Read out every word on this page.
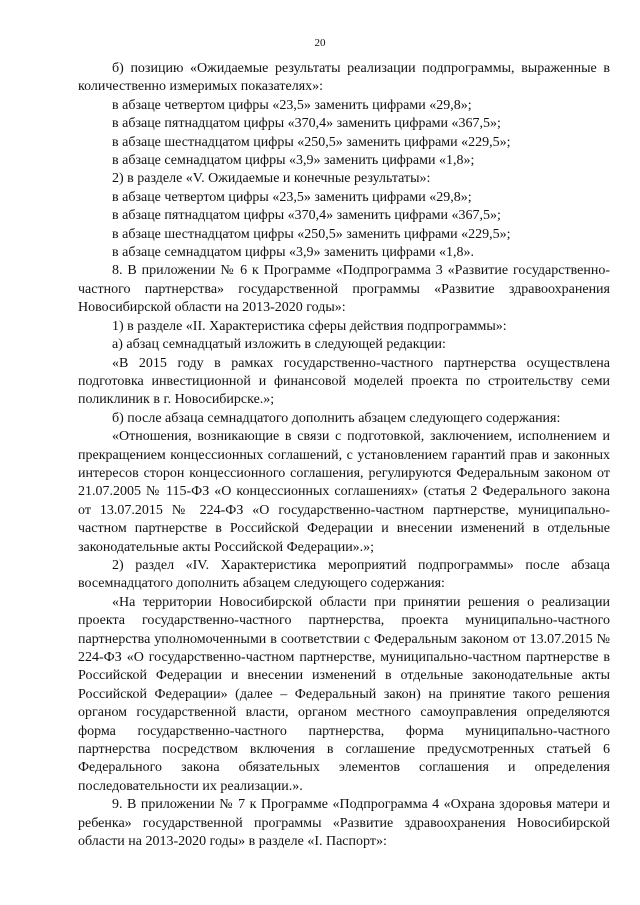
20

б) позицию «Ожидаемые результаты реализации подпрограммы, выраженные в количественно измеримых показателях»:

в абзаце четвертом цифры «23,5» заменить цифрами «29,8»;

в абзаце пятнадцатом цифры «370,4» заменить цифрами «367,5»;

в абзаце шестнадцатом цифры «250,5» заменить цифрами «229,5»;

в абзаце семнадцатом цифры «3,9» заменить цифрами «1,8»;

2) в разделе «V. Ожидаемые и конечные результаты»:

в абзаце четвертом цифры «23,5» заменить цифрами «29,8»;

в абзаце пятнадцатом цифры «370,4» заменить цифрами «367,5»;

в абзаце шестнадцатом цифры «250,5» заменить цифрами «229,5»;

в абзаце семнадцатом цифры «3,9» заменить цифрами «1,8».

8. В приложении № 6 к Программе «Подпрограмма 3 «Развитие государственно-частного партнерства» государственной программы «Развитие здравоохранения Новосибирской области на 2013-2020 годы»:

1) в разделе «II. Характеристика сферы действия подпрограммы»:

а) абзац семнадцатый изложить в следующей редакции:

«В 2015 году в рамках государственно-частного партнерства осуществлена подготовка инвестиционной и финансовой моделей проекта по строительству семи поликлиник в г. Новосибирске.»;

б) после абзаца семнадцатого дополнить абзацем следующего содержания:

«Отношения, возникающие в связи с подготовкой, заключением, исполнением и прекращением концессионных соглашений, с установлением гарантий прав и законных интересов сторон концессионного соглашения, регулируются Федеральным законом от 21.07.2005 № 115-ФЗ «О концессионных соглашениях» (статья 2 Федерального закона от 13.07.2015 № 224-ФЗ «О государственно-частном партнерстве, муниципально-частном партнерстве в Российской Федерации и внесении изменений в отдельные законодательные акты Российской Федерации».»;

2) раздел «IV. Характеристика мероприятий подпрограммы» после абзаца восемнадцатого дополнить абзацем следующего содержания:

«На территории Новосибирской области при принятии решения о реализации проекта государственно-частного партнерства, проекта муниципально-частного партнерства уполномоченными в соответствии с Федеральным законом от 13.07.2015 № 224-ФЗ «О государственно-частном партнерстве, муниципально-частном партнерстве в Российской Федерации и внесении изменений в отдельные законодательные акты Российской Федерации» (далее – Федеральный закон) на принятие такого решения органом государственной власти, органом местного самоуправления определяются форма государственно-частного партнерства, форма муниципально-частного партнерства посредством включения в соглашение предусмотренных статьей 6 Федерального закона обязательных элементов соглашения и определения последовательности их реализации.».

9. В приложении № 7 к Программе «Подпрограмма 4 «Охрана здоровья матери и ребенка» государственной программы «Развитие здравоохранения Новосибирской области на 2013-2020 годы» в разделе «I. Паспорт»:
